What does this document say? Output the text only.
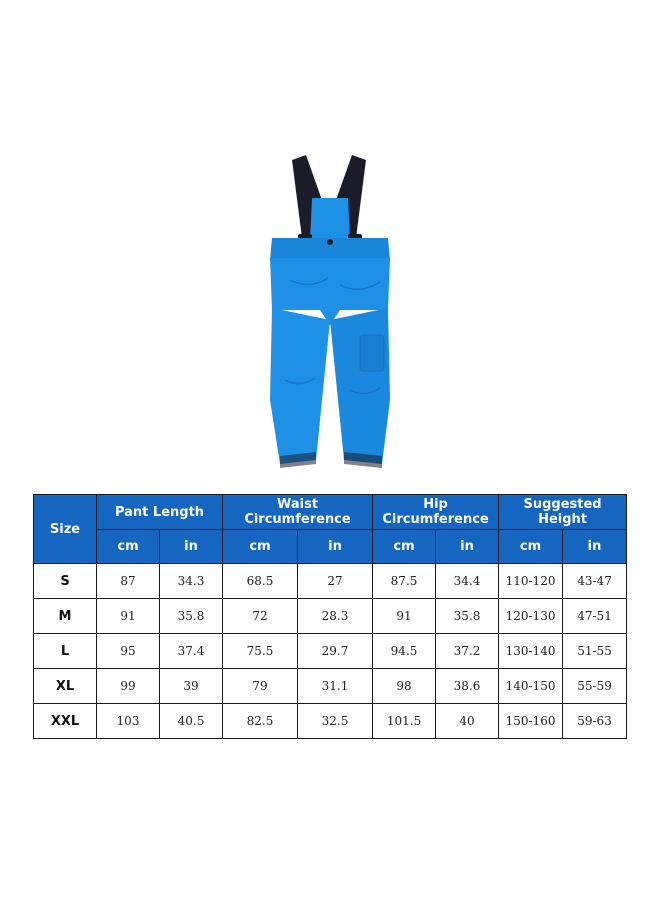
Size	Pant Length		Waist Circumference		Hip Circumference		Suggested Height	
	cm	in	cm	in	cm	in	cm	in
S	87	34.3	68.5	27	87.5	34.4	110-120	43-47
M	91	35.8	72	28.3	91	35.8	120-130	47-51
L	95	37.4	75.5	29.7	94.5	37.2	130-140	51-55
XL	99	39	79	31.1	98	38.6	140-150	55-59
XXL	103	40.5	82.5	32.5	101.5	40	150-160	59-63
